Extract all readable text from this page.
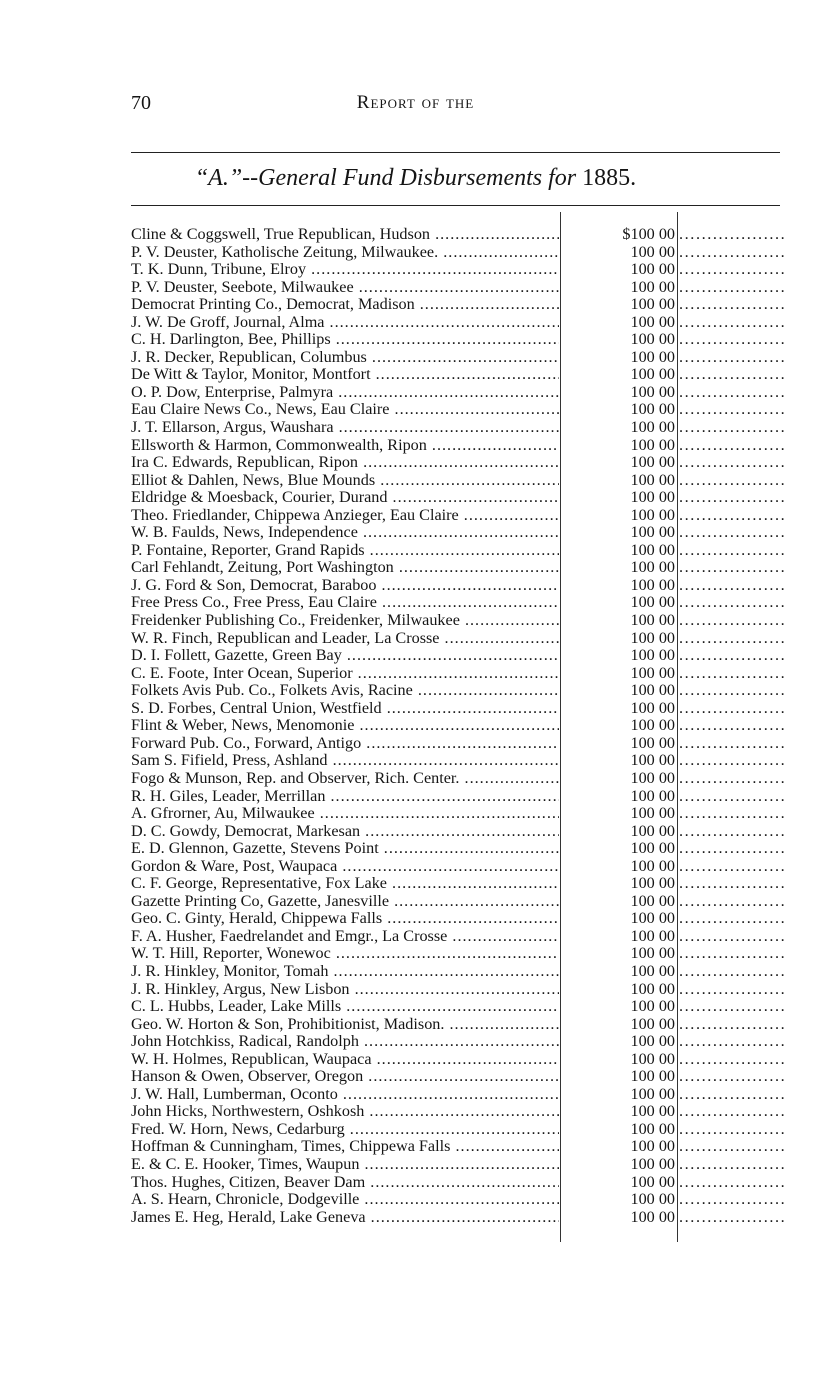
70	Report of the
“A.”--General Fund Disbursements for 1885.
Cline & Coggswell, True Republican, Hudson .....	$100 00
.....
P. V. Deuster, Katholische Zeitung, Milwaukee. .....	100 00
.....
T. K. Dunn, Tribune, Elroy .....	100 00
.....
P. V. Deuster, Seebote, Milwaukee .....	100 00
.....
Democrat Printing Co., Democrat, Madison .....	100 00
.....
J. W. De Groff, Journal, Alma .....	100 00
.....
C. H. Darlington, Bee, Phillips .....	100 00
.....
J. R. Decker, Republican, Columbus .....	100 00
.....
De Witt & Taylor, Monitor, Montfort .....	100 00
.....
O. P. Dow, Enterprise, Palmyra .....	100 00
.....
Eau Claire News Co., News, Eau Claire .....	100 00
.....
J. T. Ellarson, Argus, Waushara .....	100 00
.....
Ellsworth & Harmon, Commonwealth, Ripon .....	100 00
.....
Ira C. Edwards, Republican, Ripon .....	100 00
.....
Elliot & Dahlen, News, Blue Mounds .....	100 00
.....
Eldridge & Moesback, Courier, Durand .....	100 00
.....
Theo. Friedlander, Chippewa Anzieger, Eau Claire .....	100 00
.....
W. B. Faulds, News, Independence .....	100 00
.....
P. Fontaine, Reporter, Grand Rapids .....	100 00
.....
Carl Fehlandt, Zeitung, Port Washington .....	100 00
.....
J. G. Ford & Son, Democrat, Baraboo .....	100 00
.....
Free Press Co., Free Press, Eau Claire .....	100 00
.....
Freidenker Publishing Co., Freidenker, Milwaukee .....	100 00
.....
W. R. Finch, Republican and Leader, La Crosse .....	100 00
.....
D. I. Follett, Gazette, Green Bay .....	100 00
.....
C. E. Foote, Inter Ocean, Superior .....	100 00
.....
Folkets Avis Pub. Co., Folkets Avis, Racine .....	100 00
.....
S. D. Forbes, Central Union, Westfield .....	100 00
.....
Flint & Weber, News, Menomonie .....	100 00
.....
Forward Pub. Co., Forward, Antigo .....	100 00
.....
Sam S. Fifield, Press, Ashland .....	100 00
.....
Fogo & Munson, Rep. and Observer, Rich. Center. .....	100 00
.....
R. H. Giles, Leader, Merrillan .....	100 00
.....
A. Gfrorner, Au, Milwaukee .....	100 00
.....
D. C. Gowdy, Democrat, Markesan .....	100 00
.....
E. D. Glennon, Gazette, Stevens Point .....	100 00
.....
Gordon & Ware, Post, Waupaca .....	100 00
.....
C. F. George, Representative, Fox Lake .....	100 00
.....
Gazette Printing Co, Gazette, Janesville .....	100 00
.....
Geo. C. Ginty, Herald, Chippewa Falls .....	100 00
.....
F. A. Husher, Faedrelandet and Emgr., La Crosse .....	100 00
.....
W. T. Hill, Reporter, Wonewoc .....	100 00
.....
J. R. Hinkley, Monitor, Tomah .....	100 00
.....
J. R. Hinkley, Argus, New Lisbon .....	100 00
.....
C. L. Hubbs, Leader, Lake Mills .....	100 00
.....
Geo. W. Horton & Son, Prohibitionist, Madison. .....	100 00
.....
John Hotchkiss, Radical, Randolph .....	100 00
.....
W. H. Holmes, Republican, Waupaca .....	100 00
.....
Hanson & Owen, Observer, Oregon .....	100 00
.....
J. W. Hall, Lumberman, Oconto .....	100 00
.....
John Hicks, Northwestern, Oshkosh .....	100 00
.....
Fred. W. Horn, News, Cedarburg .....	100 00
.....
Hoffman & Cunningham, Times, Chippewa Falls .....	100 00
.....
E. & C. E. Hooker, Times, Waupun .....	100 00
.....
Thos. Hughes, Citizen, Beaver Dam .....	100 00
.....
A. S. Hearn, Chronicle, Dodgeville .....	100 00
.....
James E. Heg, Herald, Lake Geneva .....	100 00
.....
